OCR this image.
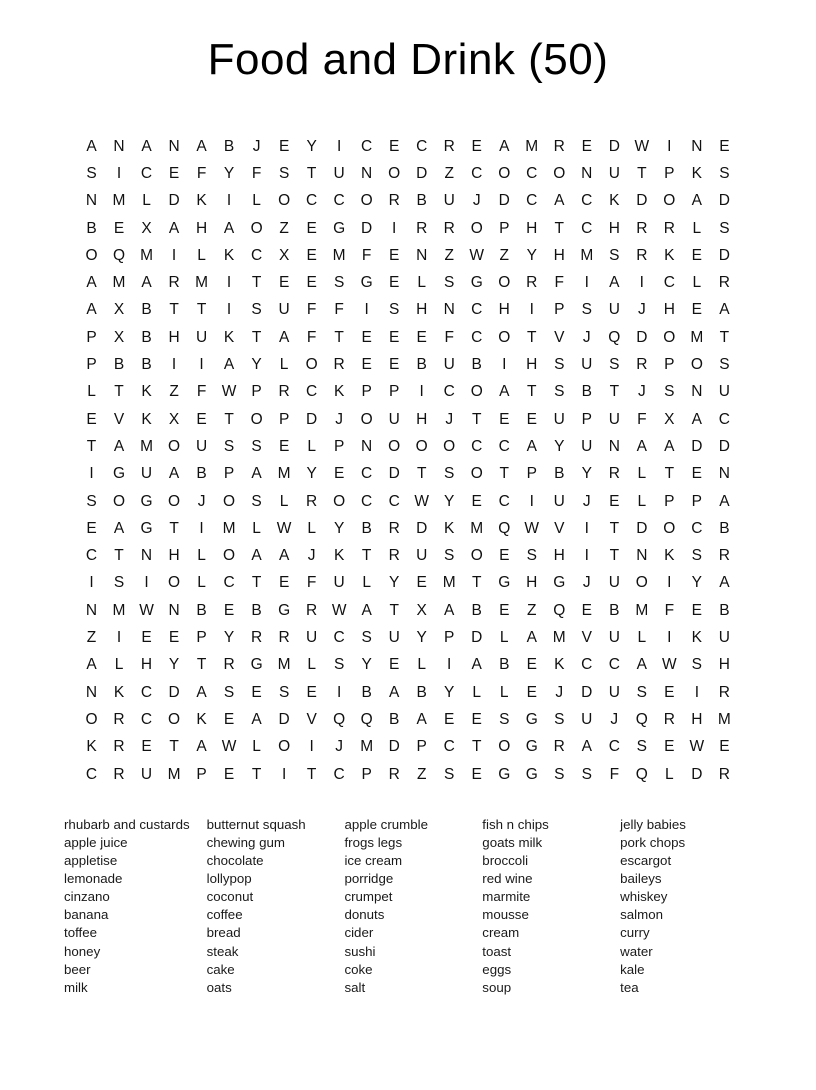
Food and Drink (50)
A	N	A	N	A	B	J	E	Y	I	C	E	C	R	E	A	M R	E	D W	I	N	E
S	I	C	E	F	Y	F	S	T	U	N	O	D	Z	C	O	C	O	N	U	T	P	K	S
N M	L	D	K	I	L	O	C	C	O	R	B	U	J	D	C	A	C	K	D	O	A	D
B	E	X	A	H	A	O	Z	E	G	D	I	R	R	O	P	H	T	C	H	R	R	L	S
O Q M	I	L	K	C	X	E	M	F	E	N	Z W Z	Y	H M	S	R	K	E	D
A	M	A	R M	I	T	E	E	S	G	E	L	S	G O	R	F	I	A	I	C	L	R
A	X	B	T	T	I	S	U	F	F	I	S	H	N	C	H	I	P	S	U	J	H	E	A
P	X	B	H	U	K	T	A	F	T	E	E	E	F	C	O	T	V	J	Q	D	O M	T
P	B	B	I	I	A	Y	L	O	R	E	E	B	U	B	I	H	S	U	S	R	P	O	S
L	T	K	Z	F W P	R	C	K	P	P	I	C	O	A	T	S	B	T	J	S	N	U
E	V	K	X	E	T	O	P	D	J	O	U	H	J	T	E	E	U	P	U	F	X	A	C
T	A	M O	U	S	S	E	L	P	N	O O O	C	C	A	Y	U	N	A	A	D	D
I	G	U	A	B	P	A	M	Y	E	C	D	T	S	O	T	P	B	Y	R	L	T	E	N
S	O G O	J	O	S	L	R	O	C	C W Y	E	C	I	U	J	E	L	P	P	A
E	A	G	T	I	M	L	W	L	Y	B	R	D	K	M Q W V	I	T	D	O	C	B
C	T	N	H	L	O	A	A	J	K	T	R	U	S	O	E	S	H	I	T	N	K	S	R
I	S	I	O	L	C	T	E	F	U	L	Y	E	M	T	G	H	G	J	U	O	I	Y	A
N M W N	B	E	B	G	R W A	T	X	A	B	E	Z	Q	E	B	M	F	E	B
Z	I	E	E	P	Y	R	R	U	C	S	U	Y	P	D	L	A	M	V	U	L	I	K	U
A	L	H	Y	T	R	G M	L	S	Y	E	L	I	A	B	E	K	C	C	A W S	H
N	K	C	D	A	S	E	S	E	I	B	A	B	Y	L	L	E	J	D	U	S	E	I	R
O	R	C	O	K	E	A	D	V	Q Q	B	A	E	E	S	G	S	U	J	Q	R	H M
K	R	E	T	A W	L	O	I	J	M D	P	C	T	O G	R	A	C	S	E W E
C	R	U M	P	E	T	I	T	C	P	R	Z	S	E	G G	S	S	F	Q	L	D	R
rhubarb and custards
apple juice
appletise
lemonade
cinzano
banana
toffee
honey
beer
milk
butternut squash
chewing gum
chocolate
lollypop
coconut
coffee
bread
steak
cake
oats
apple crumble
frogs legs
ice cream
porridge
crumpet
donuts
cider
sushi
coke
salt
fish n chips
goats milk
broccoli
red wine
marmite
mousse
cream
toast
eggs
soup
jelly babies
pork chops
escargot
baileys
whiskey
salmon
curry
water
kale
tea
